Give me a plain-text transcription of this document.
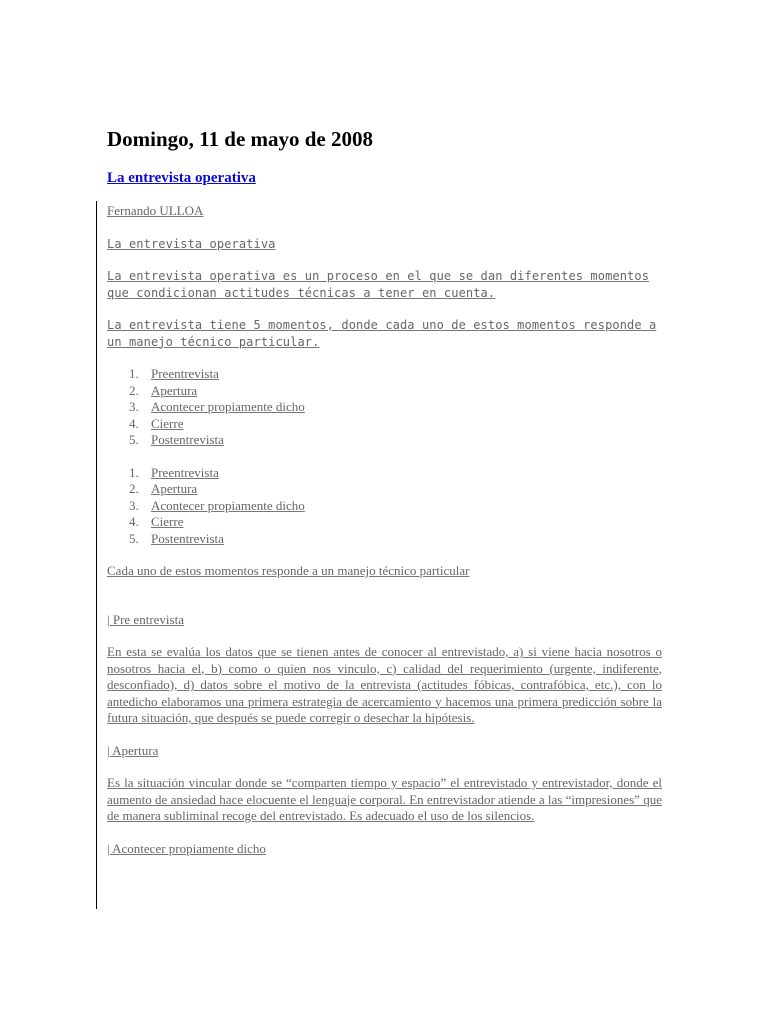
Domingo, 11 de mayo de 2008
La entrevista operativa

Fernando ULLOA

La entrevista operativa

La entrevista operativa es un proceso en el que se dan diferentes momentos que condicionan actitudes técnicas a tener en cuenta.

La entrevista tiene 5 momentos, donde cada uno de estos momentos responde a un manejo técnico particular.

1. Preentrevista
2. Apertura
3. Acontecer propiamente dicho
4. Cierre
5. Postentrevista
1. Preentrevista
2. Apertura
3. Acontecer propiamente dicho
4. Cierre
5. Postentrevista

Cada uno de estos momentos responde a un manejo técnico particular

| Pre entrevista

En esta se evalúa los datos que se tienen antes de conocer al entrevistado, a) si viene hacia nosotros o nosotros hacia el, b) como o quien nos vinculo, c) calidad del requerimiento (urgente, indiferente, desconfiado), d) datos sobre el motivo de la entrevista (actitudes fóbicas, contrafóbica, etc.), con lo antedicho elaboramos una primera estrategia de acercamiento y hacemos una primera predicción sobre la futura situación, que después se puede corregir o desechar la hipótesis.

| Apertura

Es la situación vincular donde se “comparten tiempo y espacio” el entrevistado y entrevistador, donde el aumento de ansiedad hace elocuente el lenguaje corporal. En entrevistador atiende a las “impresiones” que de manera subliminal recoge del entrevistado. Es adecuado el uso de los silencios.

| Acontecer propiamente dicho
